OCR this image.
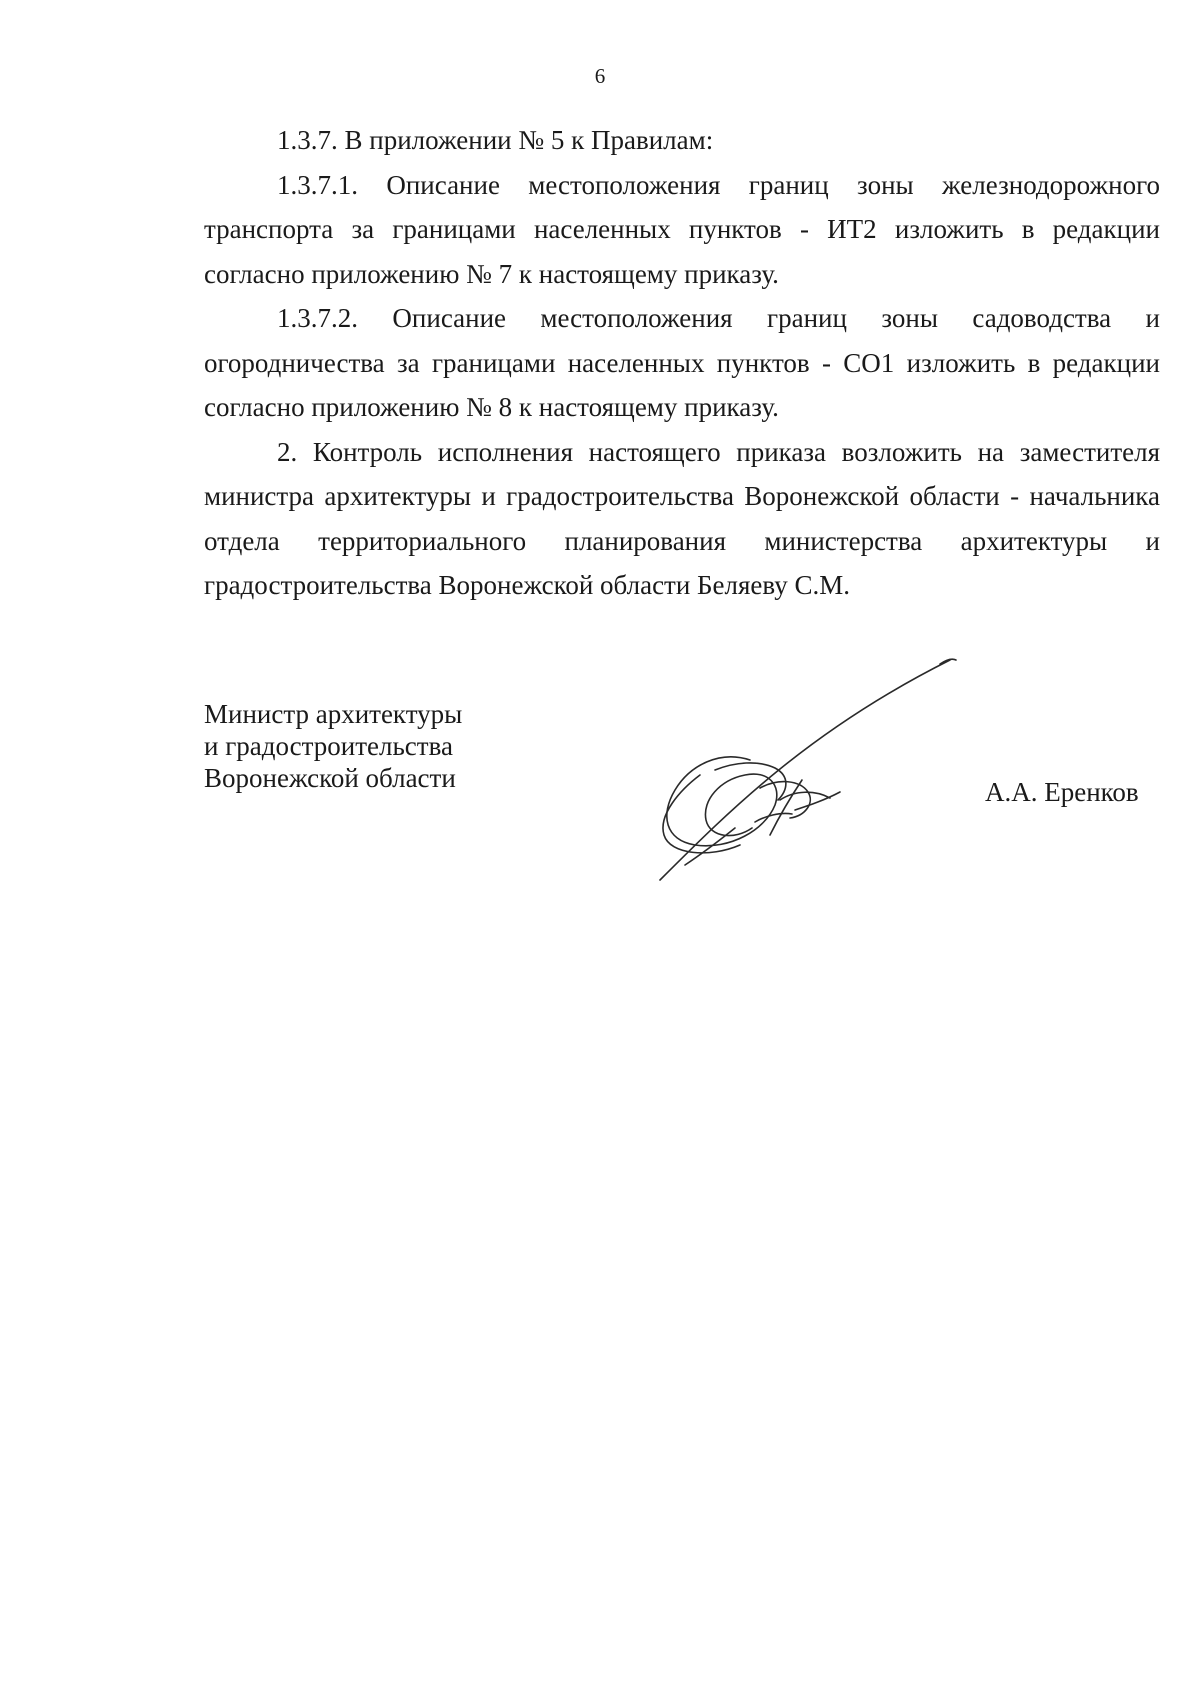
6

1.3.7. В приложении № 5 к Правилам:

1.3.7.1. Описание местоположения границ зоны железнодорожного транспорта за границами населенных пунктов - ИТ2 изложить в редакции согласно приложению № 7 к настоящему приказу.

1.3.7.2. Описание местоположения границ зоны садоводства и огородничества за границами населенных пунктов - СО1 изложить в редакции согласно приложению № 8 к настоящему приказу.

2. Контроль исполнения настоящего приказа возложить на заместителя министра архитектуры и градостроительства Воронежской области - начальника отдела территориального планирования министерства архитектуры и градостроительства Воронежской области Беляеву С.М.

Министр архитектуры
и градостроительства
Воронежской области	А.А. Еренков
